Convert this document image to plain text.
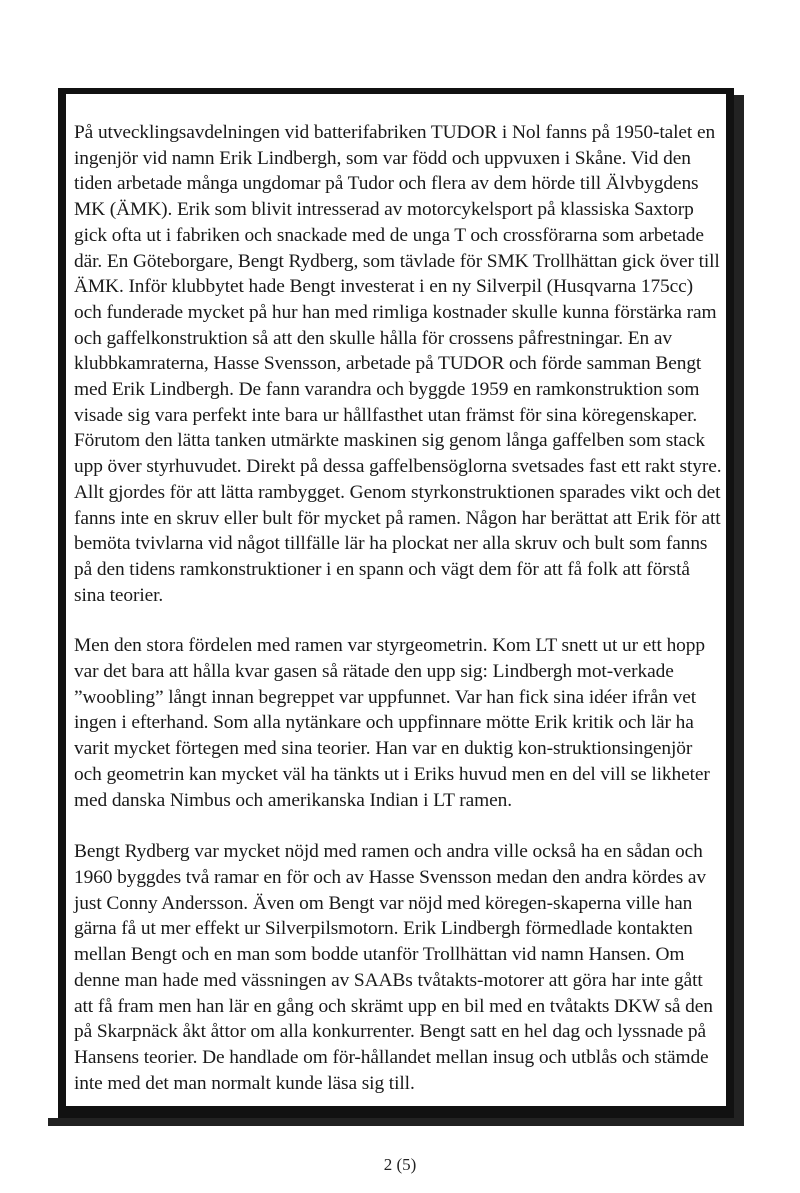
På utvecklingsavdelningen vid batterifabriken TUDOR i Nol fanns på 1950-talet en ingenjör vid namn Erik Lindbergh, som var född och uppvuxen i Skåne. Vid den tiden arbetade många ungdomar på Tudor och flera av dem hörde till Älvbygdens MK (ÄMK). Erik som blivit intresserad av motorcykelsport på klassiska Saxtorp gick ofta ut i fabriken och snackade med de unga T och crossförarna som arbetade där. En Göteborgare, Bengt Rydberg, som tävlade för SMK Trollhättan gick över till ÄMK. Inför klubbytet hade Bengt investerat i en ny Silverpil (Husqvarna 175cc) och funderade mycket på hur han med rimliga kostnader skulle kunna förstärka ram och gaffelkonstruktion så att den skulle hålla för crossens påfrestningar. En av klubbkamraterna, Hasse Svensson, arbetade på TUDOR och förde samman Bengt med Erik Lindbergh. De fann varandra och byggde 1959 en ramkonstruktion som visade sig vara perfekt inte bara ur hållfasthet utan främst för sina köregenskaper. Förutom den lätta tanken utmärkte maskinen sig genom långa gaffelben som stack upp över styrhuvudet. Direkt på dessa gaffelbensöglorna svetsades fast ett rakt styre. Allt gjordes för att lätta rambygget. Genom styrkonstruktionen sparades vikt och det fanns inte en skruv eller bult för mycket på ramen. Någon har berättat att Erik för att bemöta tvivlarna vid något tillfälle lär ha plockat ner alla skruv och bult som fanns på den tidens ramkonstruktioner i en spann och vägt dem för att få folk att förstå sina teorier.

Men den stora fördelen med ramen var styrgeometrin. Kom LT snett ut ur ett hopp var det bara att hålla kvar gasen så rätade den upp sig: Lindbergh mot-verkade ”woobling” långt innan begreppet var uppfunnet. Var han fick sina idéer ifrån vet ingen i efterhand. Som alla nytänkare och uppfinnare mötte Erik kritik och lär ha varit mycket förtegen med sina teorier. Han var en duktig kon-struktionsingenjör och geometrin kan mycket väl ha tänkts ut i Eriks huvud men en del vill se likheter med danska Nimbus och amerikanska Indian i LT ramen.

Bengt Rydberg var mycket nöjd med ramen och andra ville också ha en sådan och 1960 byggdes två ramar en för och av Hasse Svensson medan den andra kördes av just Conny Andersson. Även om Bengt var nöjd med köregen-skaperna ville han gärna få ut mer effekt ur Silverpilsmotorn. Erik Lindbergh förmedlade kontakten mellan Bengt och en man som bodde utanför Trollhättan vid namn Hansen. Om denne man hade med vässningen av SAABs tvåtakts-motorer att göra har inte gått att få fram men han lär en gång och skrämt upp en bil med en tvåtakts DKW så den på Skarpnäck åkt åttor om alla konkurrenter. Bengt satt en hel dag och lyssnade på Hansens teorier. De handlade om för-hållandet mellan insug och utblås och stämde inte med det man normalt kunde läsa sig till.

2 (5)
